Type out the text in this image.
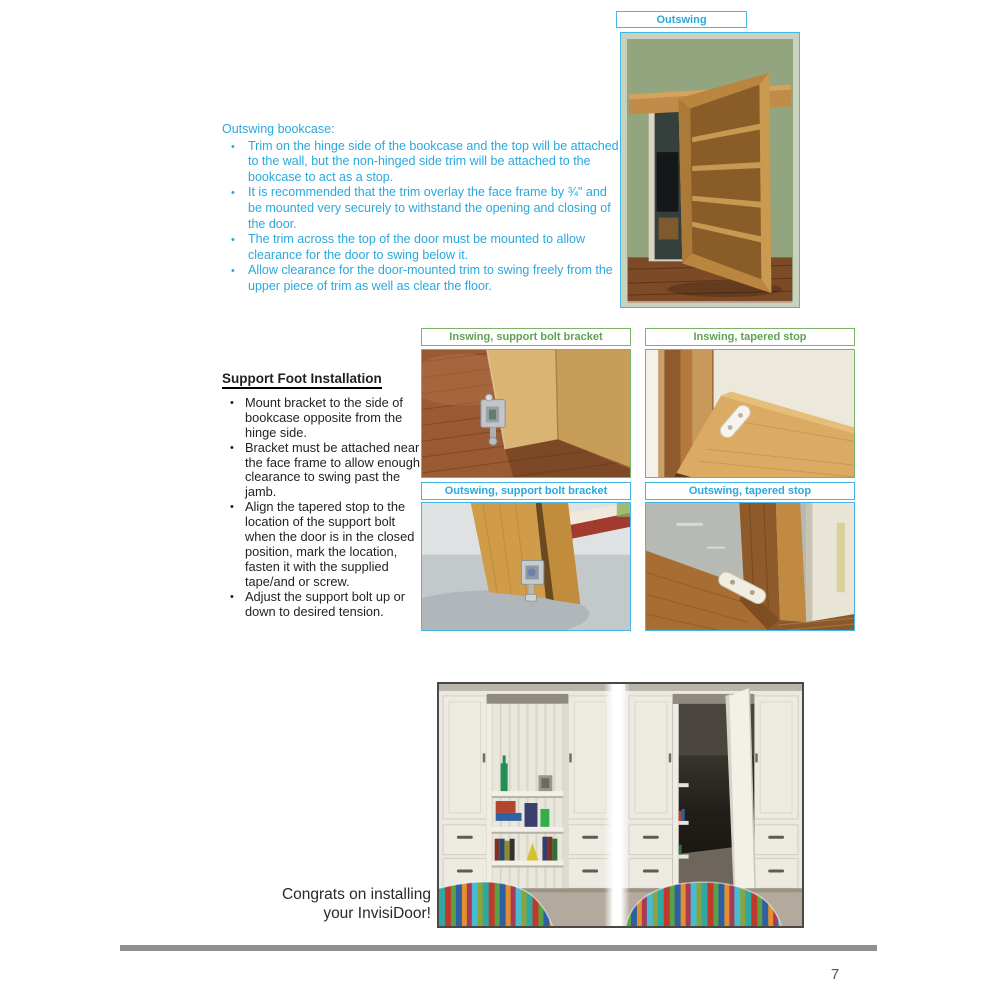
Outswing
Outswing bookcase:
• Trim on the hinge side of the bookcase and the top will be attached to the wall, but the non-hinged side trim will be attached to the bookcase to act as a stop.
• It is recommended that the trim overlay the face frame by ¾" and be mounted very securely to withstand the opening and closing of the door.
• The trim across the top of the door must be mounted to allow clearance for the door to swing below it.
• Allow clearance for the door-mounted trim to swing freely from the upper piece of trim as well as clear the floor.
Support Foot Installation
• Mount bracket to the side of bookcase opposite from the hinge side.
• Bracket must be attached near the face frame to allow enough clearance to swing past the jamb.
• Align the tapered stop to the location of the support bolt when the door is in the closed position, mark the location, fasten it with the supplied tape/and or screw.
• Adjust the support bolt up or down to desired tension.
Inswing, support bolt bracket	Inswing, tapered stop
Outswing, support bolt bracket	Outswing, tapered stop
Congrats on installing your InvisiDoor!
7
